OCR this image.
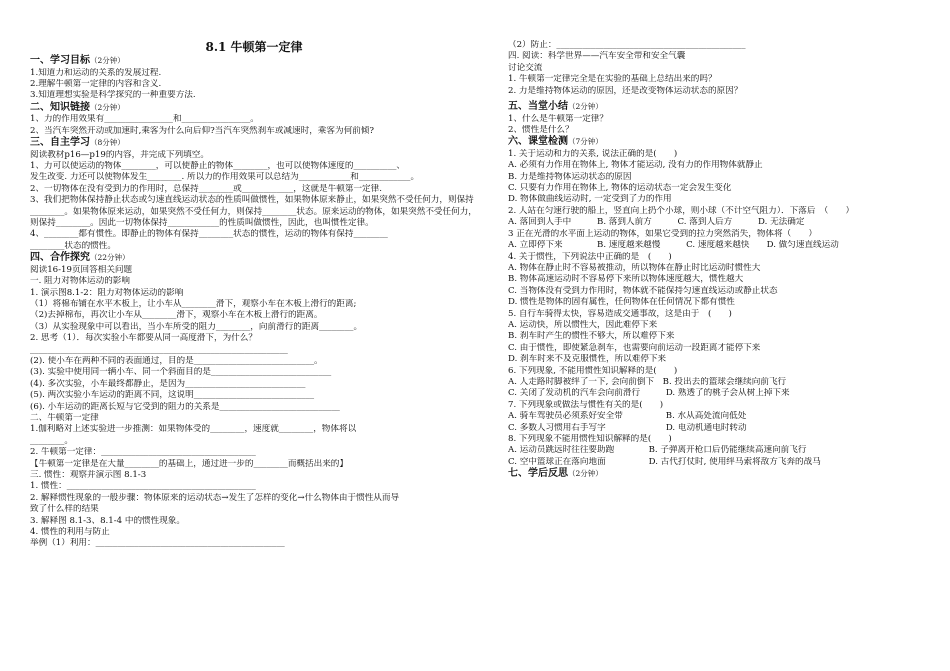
8.1 牛顿第一定律
一、学习目标（2分钟）
1.知道力和运动的关系的发展过程.
2.理解牛顿第一定律的内容和含义.
3.知道理想实验是科学探究的一种重要方法.
二、知识链接（2分钟）
1、力的作用效果有________________和________________。
2、当汽车突然开动或加速时,乘客为什么向后仰?当汽车突然刹车或减速时，乘客为何前倾?
三、自主学习（8分钟）
阅读教材p16—p19的内容，并完成下列填空。
1、力可以使运动的物体________，可以使静止的物体________，也可以使物体速度的__________、
发生改变. 力还可以使物体发生________. 所以力的作用效果可以总结为____________和____________。
2、一切物体在没有受到力的作用时，总保持________或____________，这就是牛顿第一定律.
3、我们把物体保持静止状态或匀速直线运动状态的性质叫做惯性，如果物体原来静止，如果突然不受任何力，则保持________。如果物体原来运动，如果突然不受任何力，则保持________状态。原来运动的物体，如果突然不受任何力，则保持________。因此一切物体保持____________的性质叫做惯性，因此，也叫惯性定律。
4、________都有惯性。即静止的物体有保持________状态的惯性，运动的物体有保持________
________状态的惯性。
四、合作探究（22分钟）
阅读16-19页回答相关问题
一. 阻力对物体运动的影响
1. 演示图8.1-2：阻力对物体运动的影响
（1）将棉布铺在水平木板上，让小车从________滑下，观察小车在木板上滑行的距离;
（2)去掉棉布，再次让小车从________滑下，观察小车在木板上滑行的距离。
（3）从实验现象中可以看出，当小车所受的阻力________，向前滑行的距离________。
2. 思考（1）．每次实验小车都要从同一高度滑下，为什么？
____________________________________________________________
(2). 使小车在两种不同的表面通过，目的是____________________________。
(3). 实验中使用同一辆小车、同一个斜面目的是____________________________
(4). 多次实验，小车最终都静止，是因为____________________________
(5). 两次实验小车运动的距离不同，这说明____________________________
(6). 小车运动的距离长短与它受到的阻力的关系是____________________________
二、牛顿第一定律
1.伽利略对上述实验进一步推测：如果物体受的________，速度就________，物体将以
________。
2. 牛顿第一定律：____________________________________
【牛顿第一定律是在大量________的基础上，通过进一步的________而概括出来的】
三. 惯性：观察并演示图 8.1-3
1. 惯性：____________________________________________
2. 解释惯性现象的一般步骤：物体原来的运动状态→发生了怎样的变化→什么物体由于惯性从而导
致了什么样的结果
3. 解释图 8.1-3、8.1-4 中的惯性现象。
4. 惯性的利用与防止
举例（1）利用：____________________________________________
（2）防止：____________________________________________
四. 阅读：科学世界——汽车安全带和安全气囊
讨论交流
1. 牛顿第一定律完全是在实验的基础上总结出来的吗？
2. 力是维持物体运动的原因，还是改变物体运动状态的原因？
五、当堂小结（2分钟）
1、什么是牛顿第一定律？
2、惯性是什么？
六、课堂检测（7分钟）
1. 关于运动和力的关系, 说法正确的是(　　)
A. 必须有力作用在物体上, 物体才能运动, 没有力的作用物体就静止
B. 力是维持物体运动状态的原因
C. 只要有力作用在物体上, 物体的运动状态一定会发生变化
D. 物体做曲线运动时, 一定受到了力的作用
2. 人站在匀速行驶的船上，竖直向上扔个小球，则小球（不计空气阻力）．下落后　（　　）
A. 落回到人手中　　　B. 落到人前方　　　C. 落到人后方　　　D. 无法确定
3 正在光滑的水平面上运动的物体，如果它受到的拉力突然消失，物体将（　　）
A. 立即停下来　　　　B. 速度越来越慢　　　C. 速度越来越快　　D. 做匀速直线运动
4. 关于惯性，下列说法中正确的是　(　　)
A. 物体在静止时不容易被推动，所以物体在静止时比运动时惯性大
B. 物体高速运动时不容易停下来所以物体速度越大，惯性越大
C. 当物体没有受到力作用时，物体就不能保持匀速直线运动或静止状态
D. 惯性是物体的固有属性，任何物体在任何情况下都有惯性
5. 自行车骑得太快，容易造成交通事故，这是由于　(　　)
A. 运动快，所以惯性大，因此难停下来
B. 刹车时产生的惯性不够大，所以难停下来
C. 由于惯性，即使紧急刹车，也需要向前运动一段距离才能停下来
D. 刹车时来不及克服惯性，所以难停下来
6. 下列现象, 不能用惯性知识解释的是(　　)
A. 人走路时脚被绊了一下, 会向前倒下　B. 投出去的篮球会继续向前飞行
C. 关闭了发动机的汽车会向前滑行　　　D. 熟透了的桃子会从树上掉下来
7. 下列现象或做法与惯性有关的是(　　)
A. 骑车驾驶员必须系好安全带　　　　　B. 水从高处流向低处
C. 多数人习惯用右手写字　　　　　　　D. 电动机通电时转动
8. 下列现象不能用惯性知识解释的是(　　)
A. 运动员跳远时往往要助跑　　　　B. 子弹离开枪口后仍能继续高速向前飞行
C. 空中篮球正在落向地面　　　　　D. 古代打仗时, 使用绊马索将敌方飞奔的战马
七、学后反思（2分钟）
